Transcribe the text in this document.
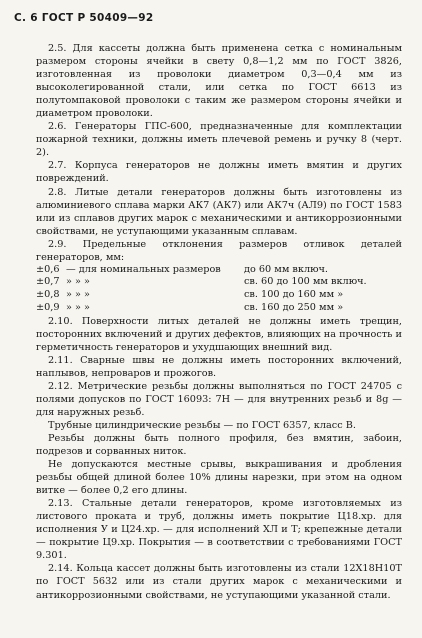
С. 6 ГОСТ Р 50409—92

2.5. Для кассеты должна быть применена сетка с номинальным размером стороны ячейки в свету 0,8—1,2 мм по ГОСТ 3826, изготовленная из проволоки диаметром 0,3—0,4 мм из высоколегированной стали, или сетка по ГОСТ 6613 из полутомпаковой проволоки с таким же размером стороны ячейки и диаметром проволоки.

2.6. Генераторы ГПС-600, предназначенные для комплектации пожарной техники, должны иметь плечевой ремень и ручку 8 (черт. 2).

2.7. Корпуса генераторов не должны иметь вмятин и других повреждений.

2.8. Литые детали генераторов должны быть изготовлены из алюминиевого сплава марки АК7 (АК7) или АК7ч (АЛ9) по ГОСТ 1583 или из сплавов других марок с механическими и антикоррозионными свойствами, не уступающими указанным сплавам.

2.9. Предельные отклонения размеров отливок деталей генераторов, мм:

±0,6 — для номинальных размеров	до 60 мм включ.
±0,7 » » »	св. 60 до 100 мм включ.
±0,8 » » »	св. 100 до 160 мм »
±0,9 » » »	св. 160 до 250 мм »

2.10. Поверхности литых деталей не должны иметь трещин, посторонних включений и других дефектов, влияющих на прочность и герметичность генераторов и ухудшающих внешний вид.

2.11. Сварные швы не должны иметь посторонних включений, наплывов, непроваров и прожогов.

2.12. Метрические резьбы должны выполняться по ГОСТ 24705 с полями допусков по ГОСТ 16093: 7Н — для внутренних резьб и 8g — для наружных резьб.

Трубные цилиндрические резьбы — по ГОСТ 6357, класс В.

Резьбы должны быть полного профиля, без вмятин, забоин, подрезов и сорванных ниток.

Не допускаются местные срывы, выкрашивания и дробления резьбы общей длиной более 10% длины нарезки, при этом на одном витке — более 0,2 его длины.

2.13. Стальные детали генераторов, кроме изготовляемых из листового проката и труб, должны иметь покрытие Ц18.хр. для исполнения У и Ц24.хр. — для исполнений ХЛ и Т; крепежные детали — покрытие Ц9.хр. Покрытия — в соответствии с требованиями ГОСТ 9.301.

2.14. Кольца кассет должны быть изготовлены из стали 12Х18Н10Т по ГОСТ 5632 или из стали других марок с механическими и антикоррозионными свойствами, не уступающими указанной стали.
